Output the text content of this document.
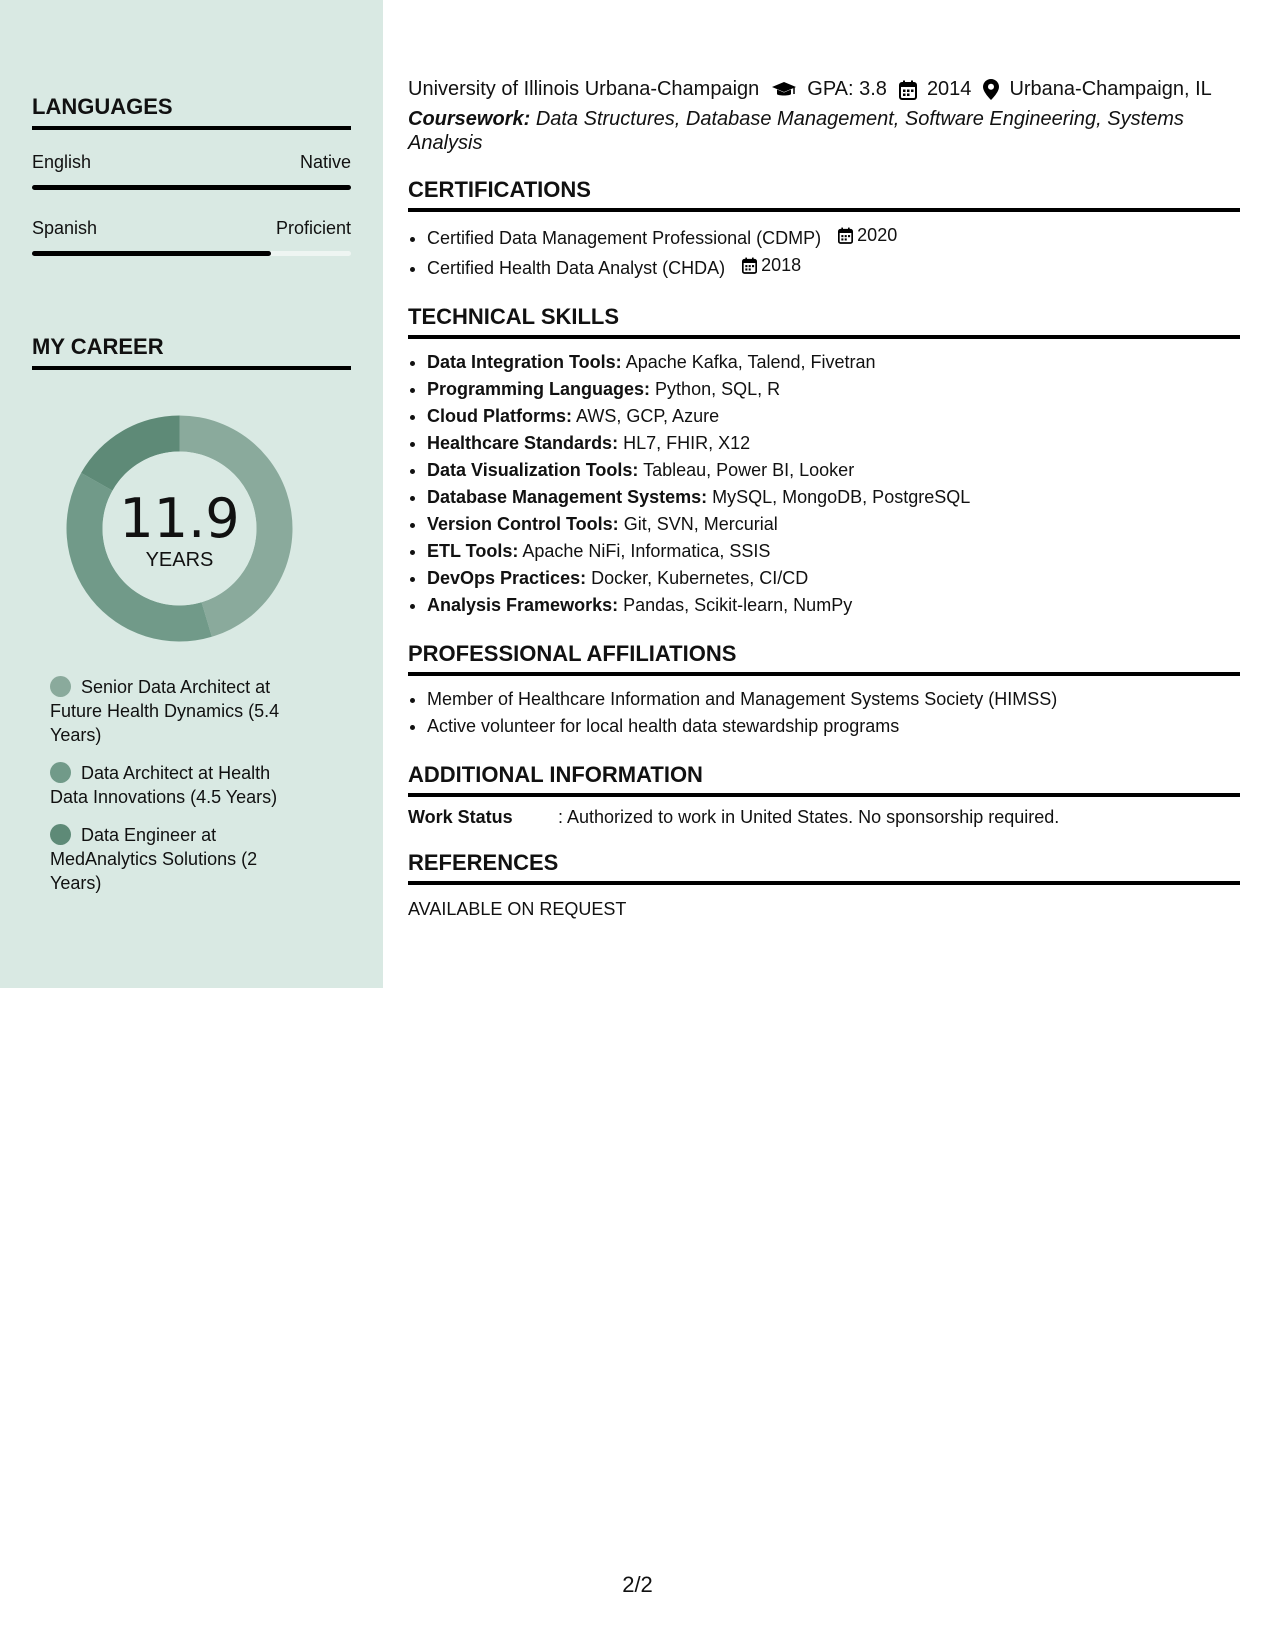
LANGUAGES
English	Native
Spanish	Proficient
MY CAREER
11.9
YEARS
Senior Data Architect at Future Health Dynamics (5.4 Years)
Data Architect at Health Data Innovations (4.5 Years)
Data Engineer at MedAnalytics Solutions (2 Years)
University of Illinois Urbana-Champaign GPA: 3.8 2014 Urbana-Champaign, IL
Coursework: Data Structures, Database Management, Software Engineering, Systems Analysis
CERTIFICATIONS
• Certified Data Management Professional (CDMP) 2020
• Certified Health Data Analyst (CHDA) 2018
TECHNICAL SKILLS
• Data Integration Tools: Apache Kafka, Talend, Fivetran
• Programming Languages: Python, SQL, R
• Cloud Platforms: AWS, GCP, Azure
• Healthcare Standards: HL7, FHIR, X12
• Data Visualization Tools: Tableau, Power BI, Looker
• Database Management Systems: MySQL, MongoDB, PostgreSQL
• Version Control Tools: Git, SVN, Mercurial
• ETL Tools: Apache NiFi, Informatica, SSIS
• DevOps Practices: Docker, Kubernetes, CI/CD
• Analysis Frameworks: Pandas, Scikit-learn, NumPy
PROFESSIONAL AFFILIATIONS
• Member of Healthcare Information and Management Systems Society (HIMSS)
• Active volunteer for local health data stewardship programs
ADDITIONAL INFORMATION
Work Status	: Authorized to work in United States. No sponsorship required.
REFERENCES
AVAILABLE ON REQUEST
2/2
